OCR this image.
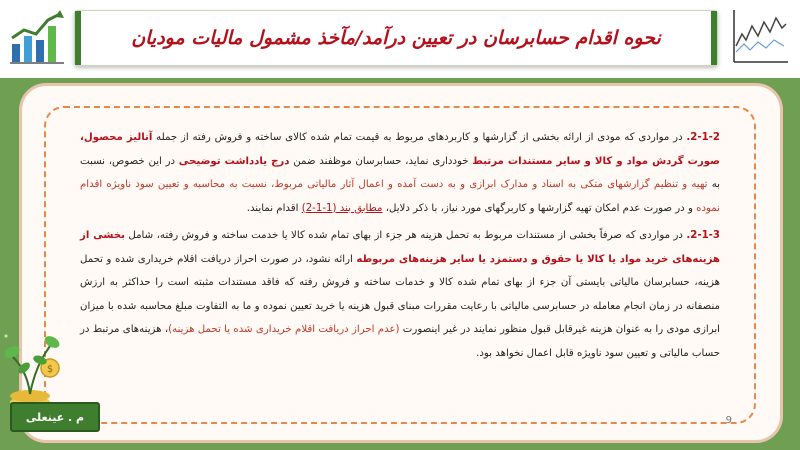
نحوه اقدام حسابرسان در تعیین درآمد/مآخذ مشمول مالیات مودیان

2-1-2. در مواردی که مودی از ارائه بخشی از گزارشها و کاربردهای مربوط به قیمت تمام شده کالای ساخته و فروش رفته از جمله آنالیز محصول، صورت گردش مواد و کالا و سایر مستندات مرتبط خودداری نماید، حسابرسان موظفند ضمن درج یادداشت توضیحی در این خصوص، نسبت به تهیه و تنظیم گزارشهای متکی به اسناد و مدارک ابرازی و به دست آمده و اعمال آثار مالیاتی مربوط، نسبت به محاسبه و تعیین سود ناویژه اقدام نموده و در صورت عدم امکان تهیه گزارشها و کاربرگهای مورد نیاز، با ذکر دلایل، مطابق بند (1-1-2) اقدام نمایند.

2-1-3. در مواردی که صرفاً بخشی از مستندات مربوط به تحمل هزینه هر جزء از بهای تمام شده کالا یا خدمت ساخته و فروش رفته، شامل بخشی از هزینه‌های خرید مواد یا کالا یا حقوق و دستمزد یا سایر هزینه‌های مربوطه ارائه نشود، در صورت احراز دریافت اقلام خریداری شده و تحمل هزینه، حسابرسان مالیاتی بایستی آن جزء از بهای تمام شده کالا و خدمات ساخته و فروش رفته که فاقد مستندات مثبته است را حداکثر به ارزش منصفانه در زمان انجام معامله در حسابرسی مالیاتی با رعایت مقررات مبنای قبول هزینه یا خرید تعیین نموده و ما به التفاوت مبلغ محاسبه شده با میزان ابرازی مودی را به عنوان هزینه غیرقابل قبول منظور نمایند در غیر اینصورت (عدم احراز دریافت اقلام خریداری شده یا تحمل هزینه)، هزینه‌های مرتبط در حساب مالیاتی و تعیین سود ناویژه قابل اعمال نخواهد بود.

9
$
م . عینعلی
